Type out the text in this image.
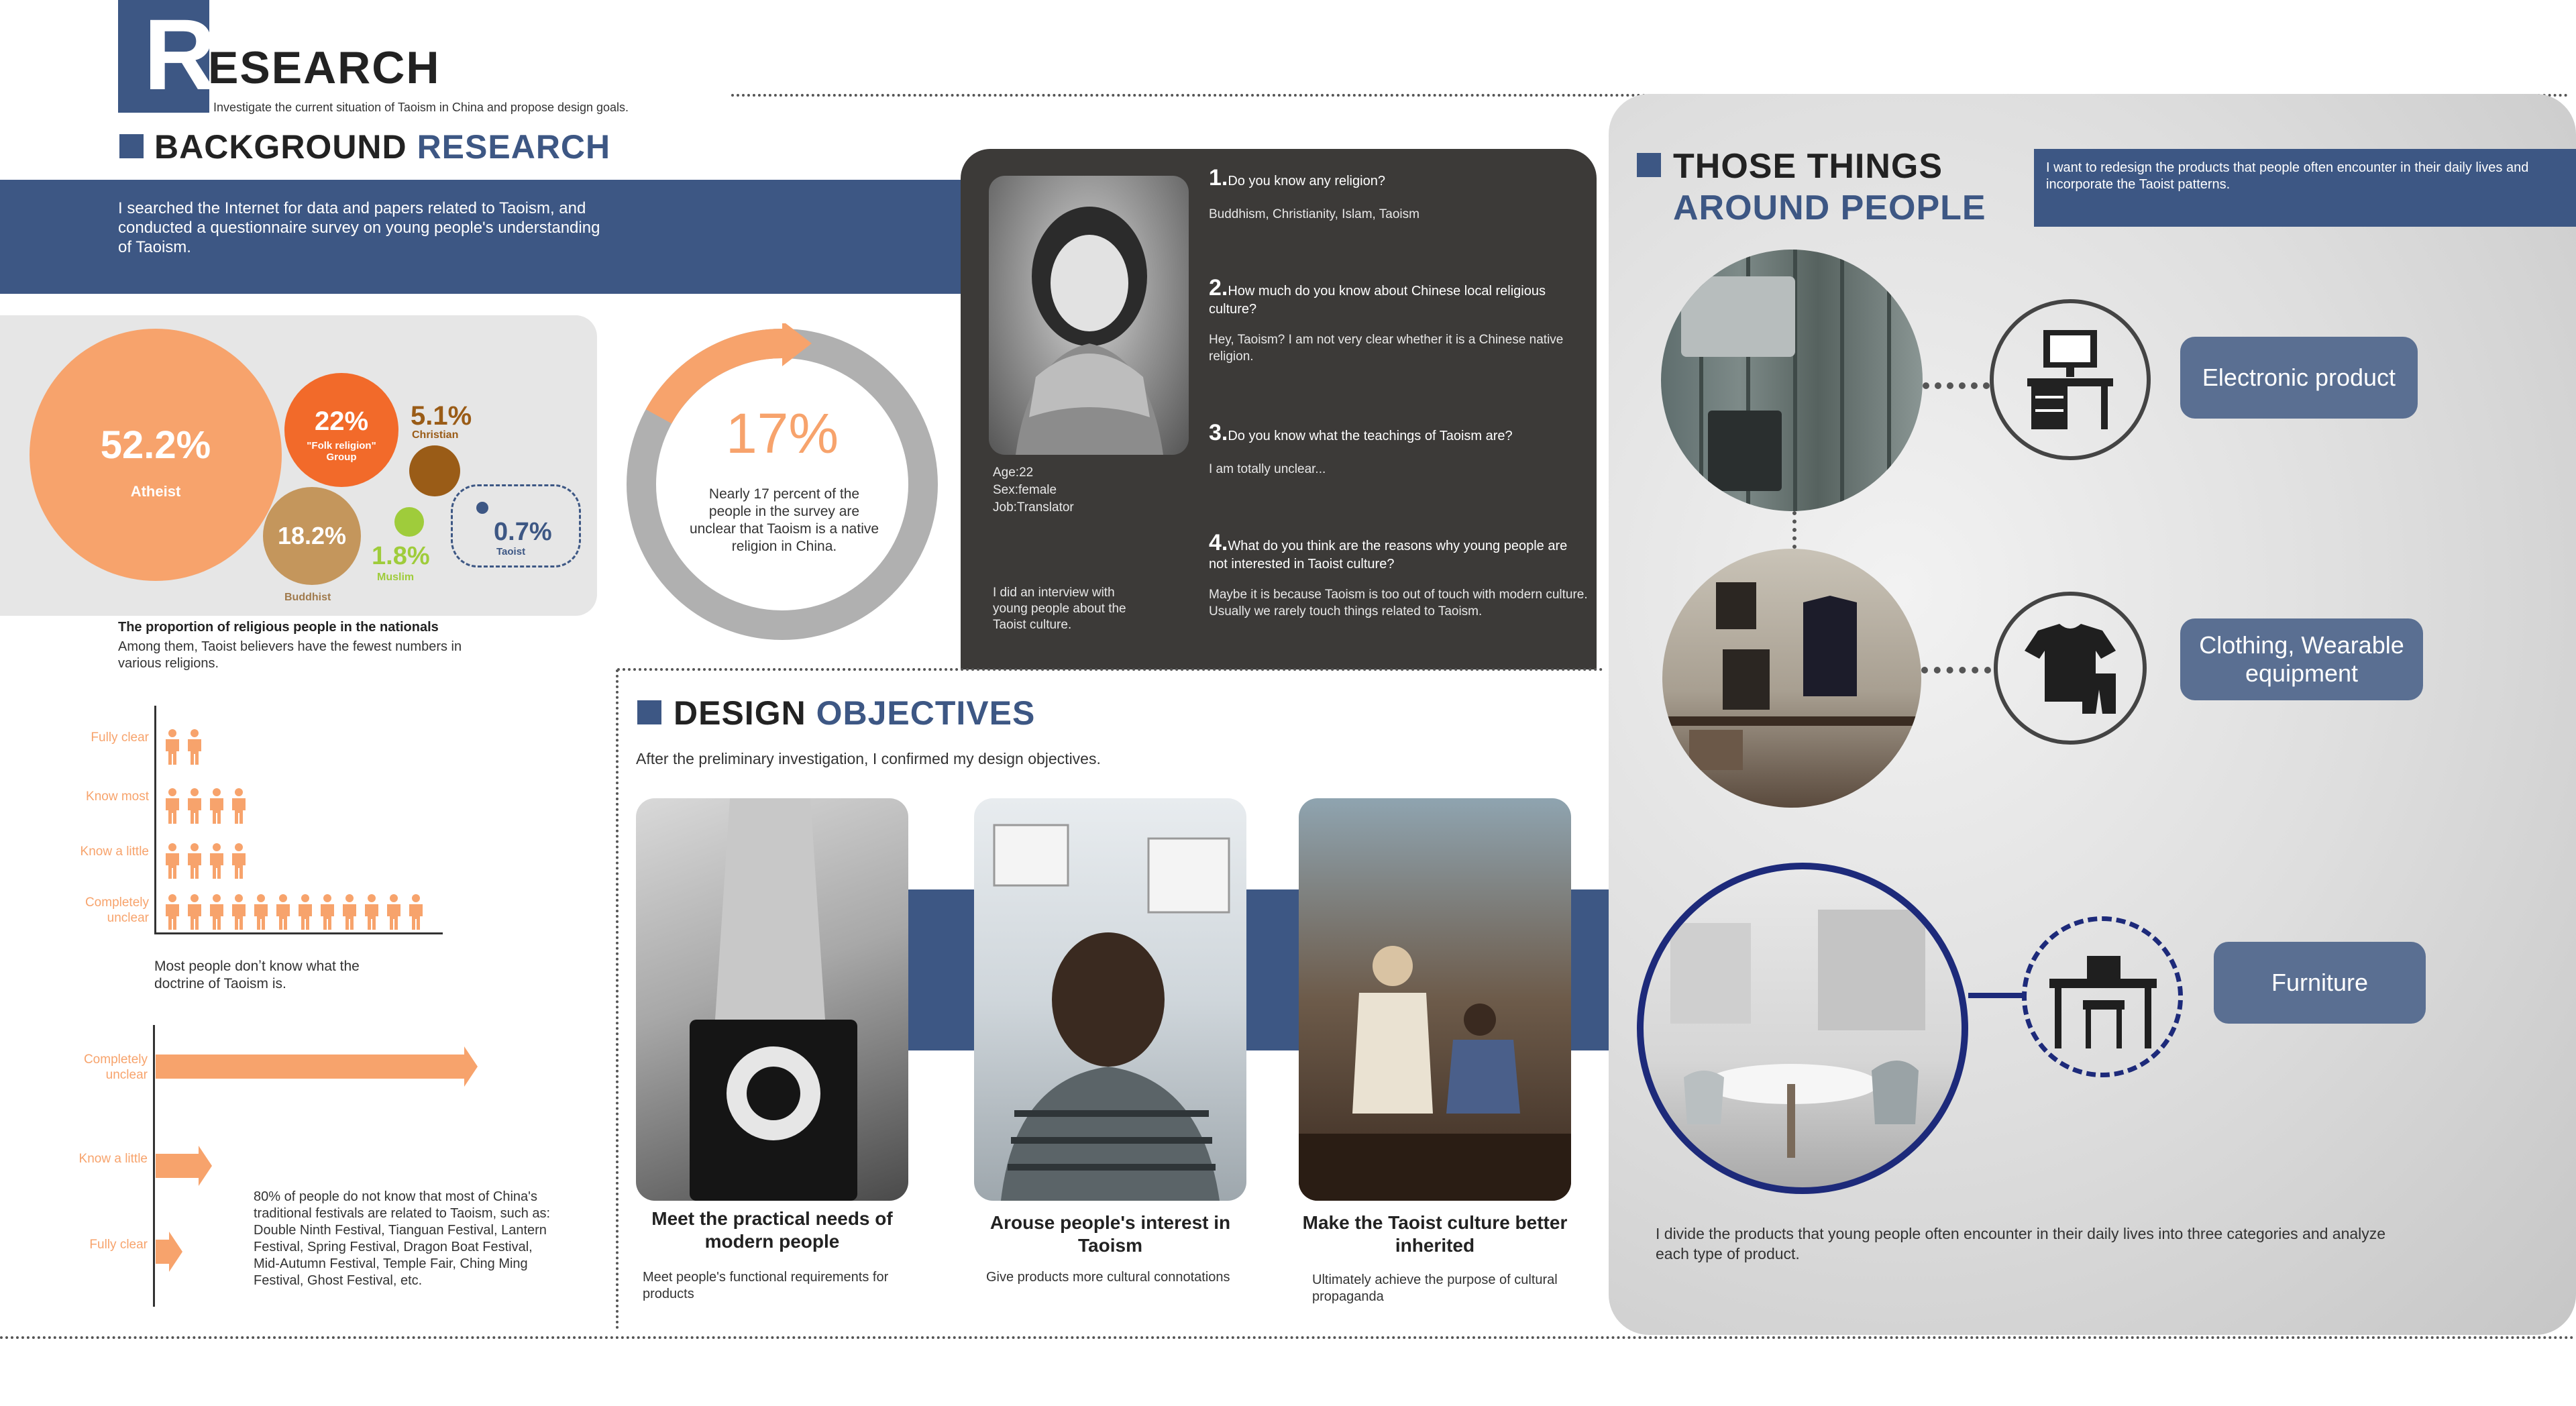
R
ESEARCH
Investigate the current situation of Taoism in China and propose design goals.
BACKGROUND RESEARCH
I searched the Internet for data and papers related to Taoism, and conducted a questionnaire survey on young people's understanding of Taoism.
52.2%
Atheist
22%
"Folk religion" Group
5.1%
Christian
18.2%
Buddhist
1.8%
Muslim
0.7%
Taoist
The proportion of religious people in the nationals
Among them, Taoist believers have the fewest numbers in various religions.
17%
Nearly 17 percent of the people in the survey are unclear that Taoism is a native religion in China.
Fully clear
Know most
Know a little
Completely unclear
Most people donʼt know what the doctrine of Taoism is.
Completely unclear
Know a little
Fully clear
80% of people do not know that most of China's traditional festivals are related to Taoism, such as: Double Ninth Festival, Tianguan Festival, Lantern Festival, Spring Festival, Dragon Boat Festival, Mid-Autumn Festival, Temple Fair, Ching Ming Festival, Ghost Festival, etc.
Age:22
Sex:female
Job:Translator
I did an interview with young people about the Taoist culture.
1.Do you know any religion?
Buddhism, Christianity, Islam, Taoism
2.How much do you know about Chinese local religious culture?
Hey, Taoism? I am not very clear whether it is a Chinese native religion.
3.Do you know what the teachings of Taoism are?
I am totally unclear...
4.What do you think are the reasons why young people are not interested in Taoist culture?
Maybe it is because Taoism is too out of touch with modern culture. Usually we rarely touch things related to Taoism.
DESIGN OBJECTIVES
After the preliminary investigation, I confirmed my design objectives.
Meet the practical needs of modern people
Meet people's functional requirements for products
Arouse people's interest in Taoism
Give products more cultural connotations
Make the Taoist culture better inherited
Ultimately achieve the purpose of cultural propaganda
THOSE THINGS
AROUND PEOPLE
I want to redesign the products that people often encounter in their daily lives and incorporate the Taoist patterns.
Electronic product
Clothing, Wearable equipment
Furniture
I divide the products that young people often encounter in their daily lives into three categories and analyze each type of product.
